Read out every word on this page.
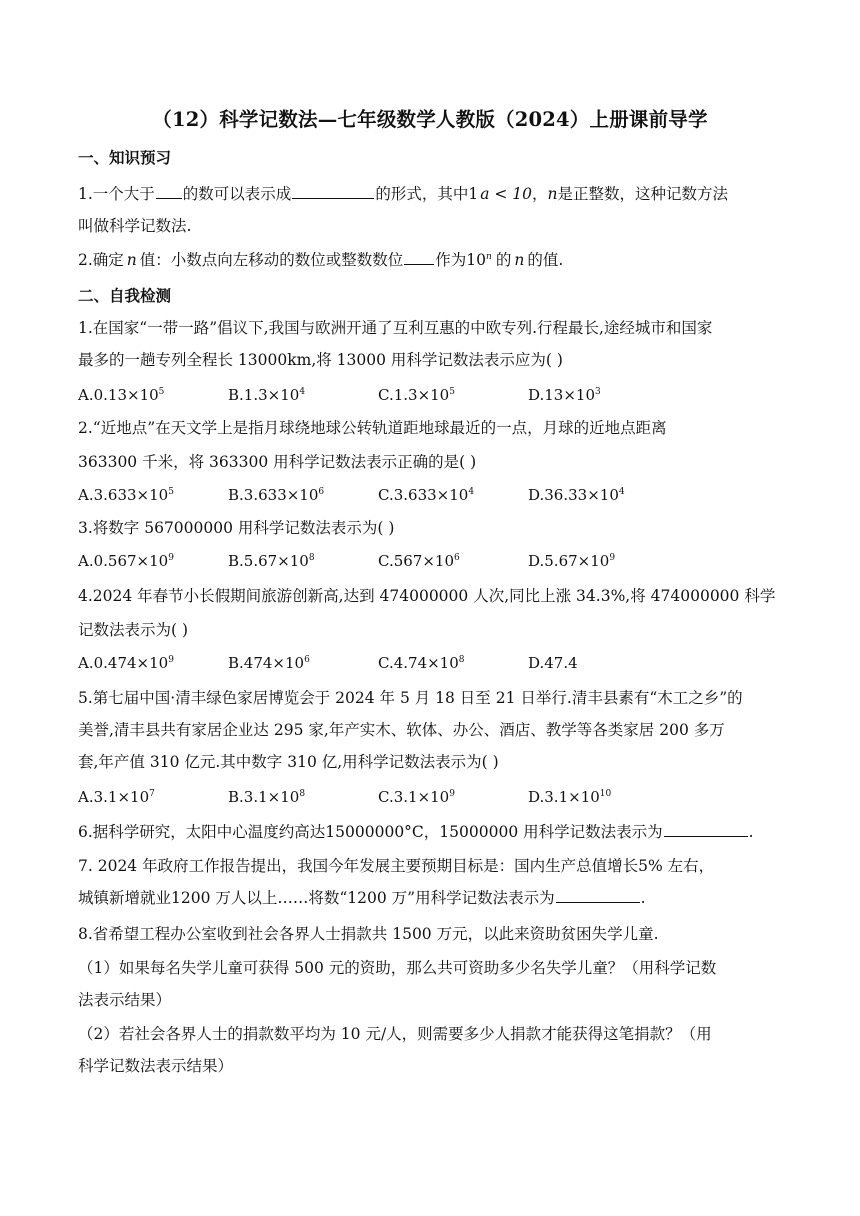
（12）科学记数法—七年级数学人教版（2024）上册课前导学
一、知识预习
1.一个大于 的数可以表示成	的形式，其中1 a < 10，n是正整数，这种记数方法
叫做科学记数法.
2.确定 n 值：小数点向左移动的数位或整数数位 作为10$^n$ 的 n 的值.
二、自我检测
1.在国家“一带一路”倡议下,我国与欧洲开通了互利互惠的中欧专列.行程最长,途经城市和国家
最多的一趟专列全程长 13000km,将 13000 用科学记数法表示应为( )
$A.0.13\times 10^5$	$B.1.3\times 10^4$	$C.1.3\times 10^5$	$D.13\times 10^3$
2.“近地点”在天文学上是指月球绕地球公转轨道距地球最近的一点，月球的近地点距离
363300 千米，将 363300 用科学记数法表示正确的是( )
$A.3.633\times 10^5$	$B.3.633\times 10^6$	$C.3.633\times 10^4$	$D.36.33\times 10^4$
3.将数字 567000000 用科学记数法表示为( )
$A.0.567\times 10^9$	$B.5.67\times 10^8$	$C.567\times 10^6$	$D.5.67\times 10^9$
4.2024 年春节小长假期间旅游创新高,达到 474000000 人次,同比上涨 34.3%,将 474000000 科学
记数法表示为( )
$A.0.474\times 10^9$	$B.474\times 10^6$	$C.4.74\times 10^8$	D.47.4
5.第七届中国·清丰绿色家居博览会于 2024 年 5 月 18 日至 21 日举行.清丰县素有“木工之乡”的
美誉,清丰县共有家居企业达 295 家,年产实木、软体、办公、酒店、教学等各类家居 200 多万
套,年产值 310 亿元.其中数字 310 亿,用科学记数法表示为( )
$A.3.1\times 10^7$	$B.3.1\times 10^8$	$C.3.1\times 10^9$	$D.3.1\times 10^{10}$
6.据科学研究，太阳中心温度约高达15000000°C，15000000 用科学记数法表示为	.
7. 2024 年政府工作报告提出，我国今年发展主要预期目标是：国内生产总值增长5% 左右，
城镇新增就业1200 万人以上……将数“1200 万”用科学记数法表示为	.
8.省希望工程办公室收到社会各界人士捐款共 1500 万元，以此来资助贫困失学儿童.
（1）如果每名失学儿童可获得 500 元的资助，那么共可资助多少名失学儿童？（用科学记数
法表示结果）
（2）若社会各界人士的捐款数平均为 10 元/人，则需要多少人捐款才能获得这笔捐款？（用
科学记数法表示结果）
